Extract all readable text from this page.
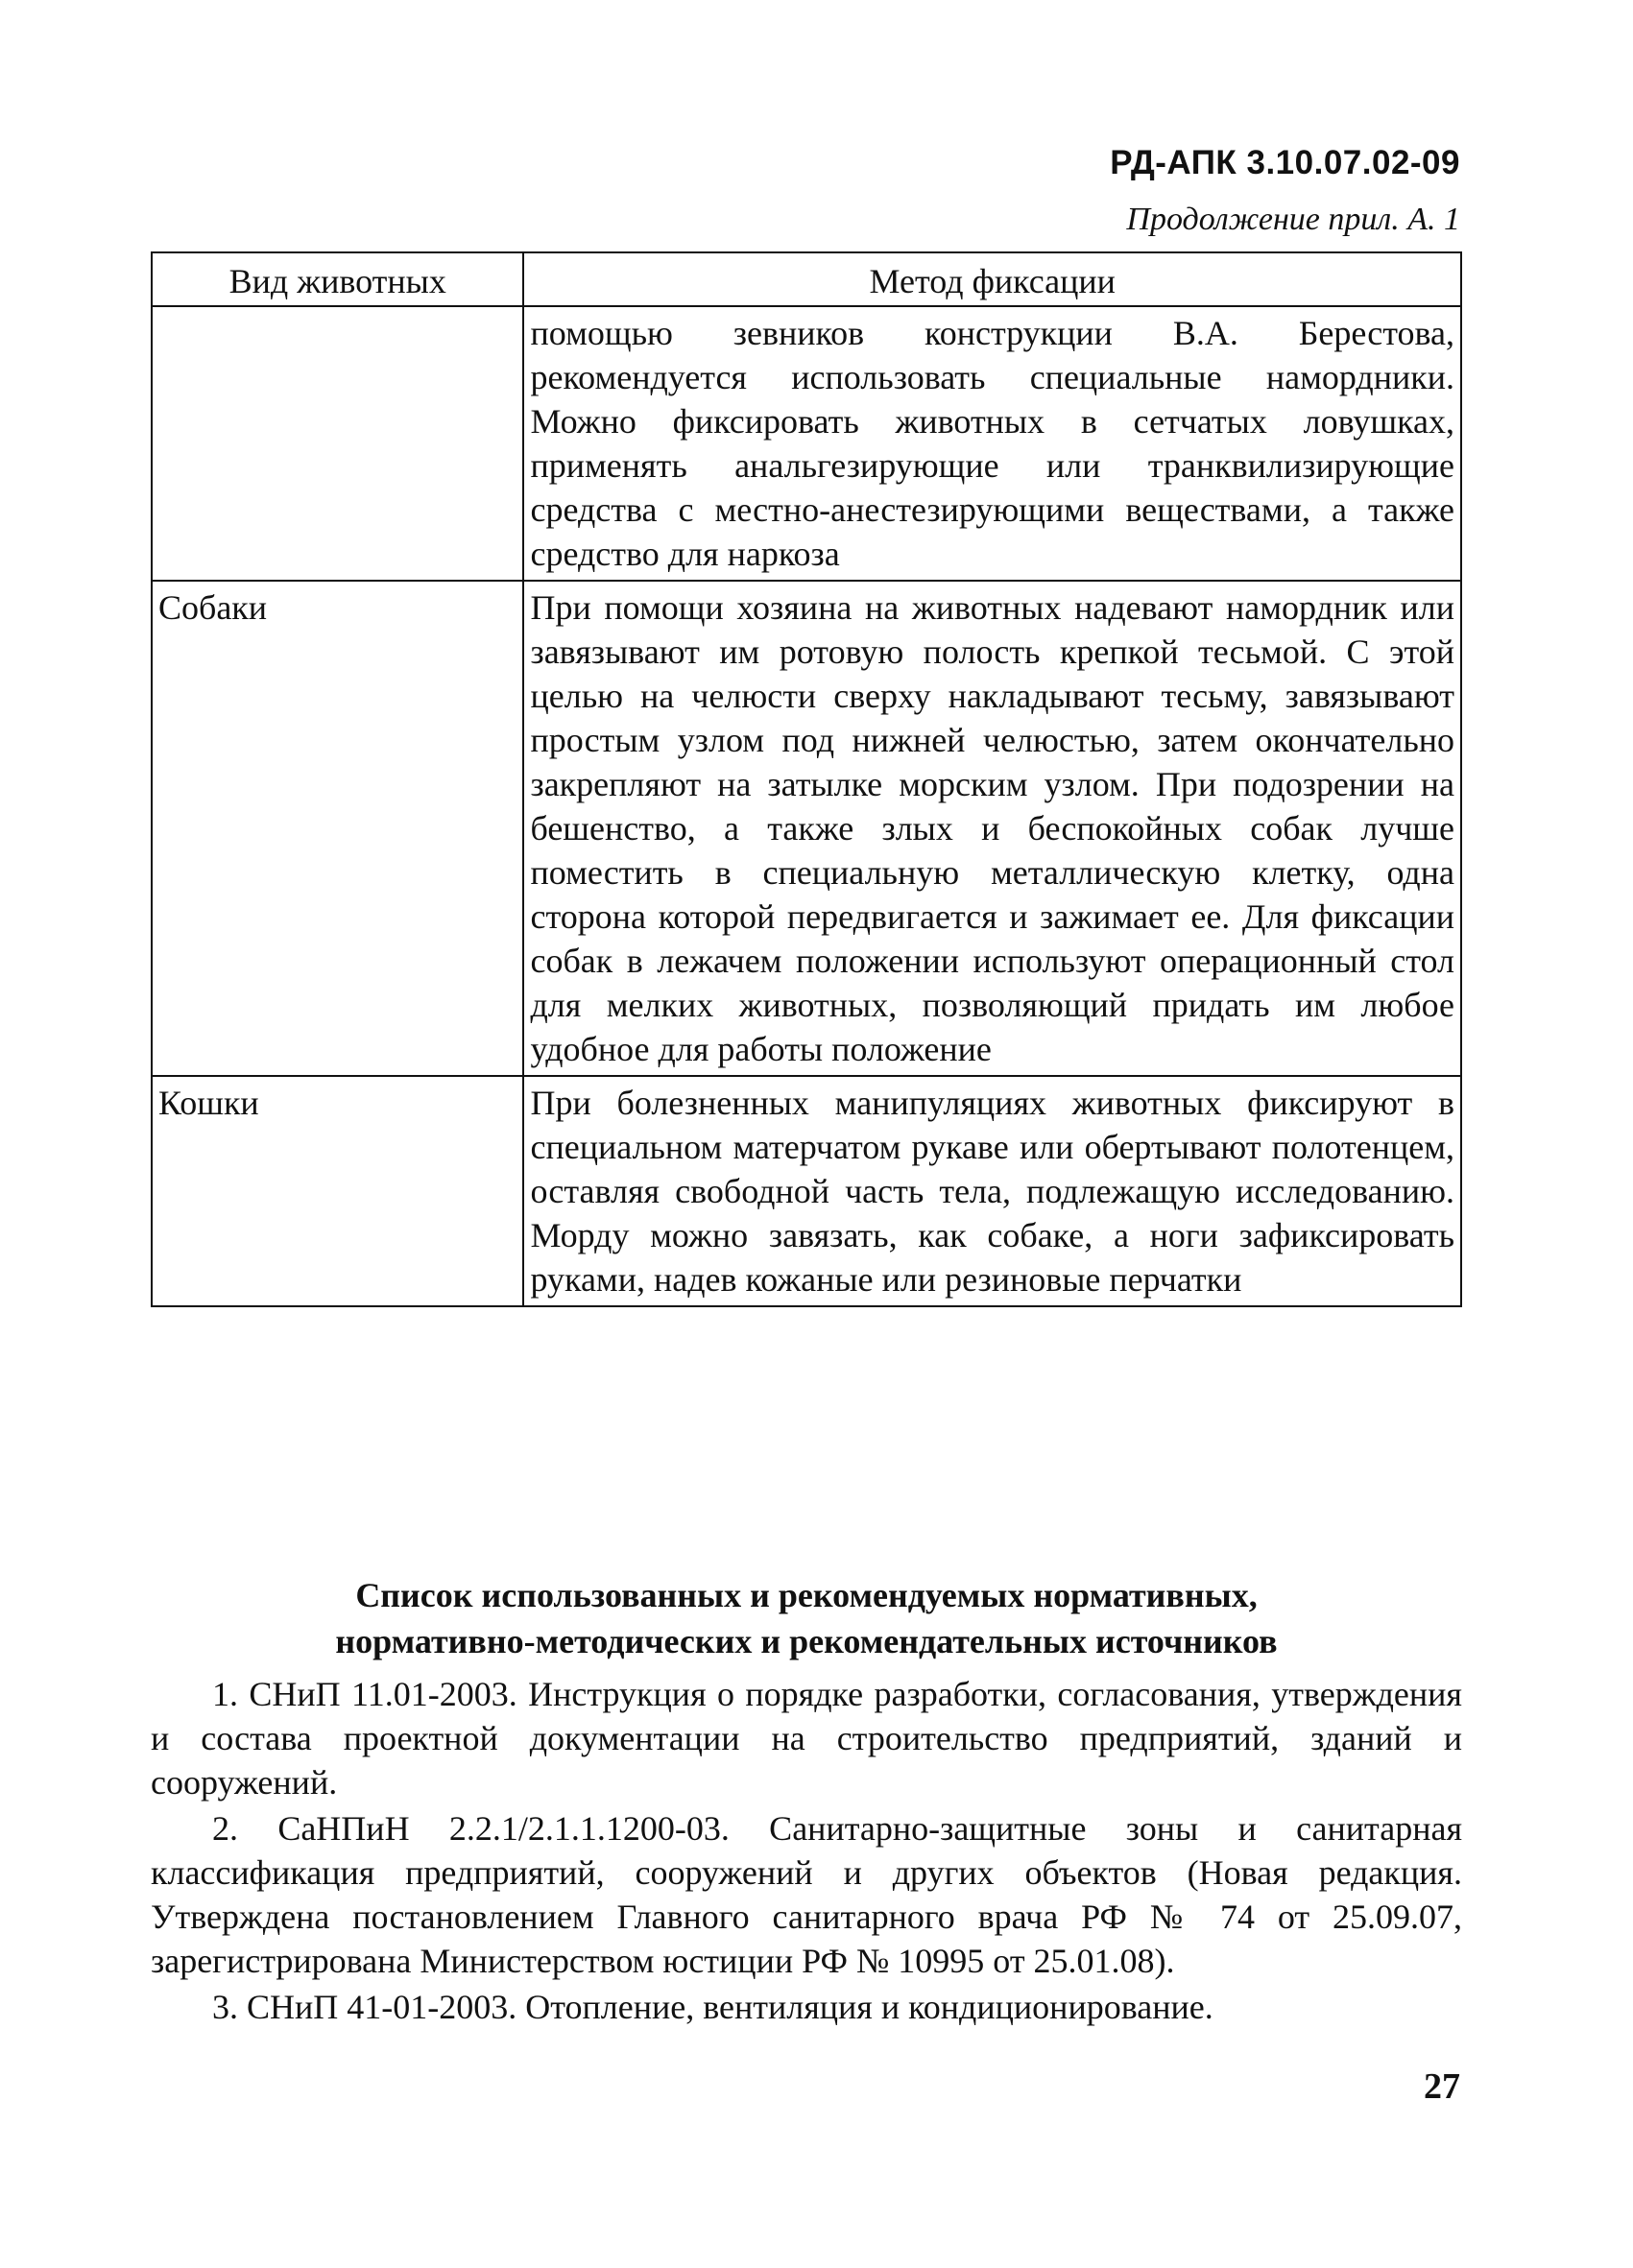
РД-АПК 3.10.07.02-09
Продолжение прил. А. 1
Вид животных	Метод фиксации
	помощью зевников конструкции В.А. Берестова, рекомендуется использовать специальные намордники. Можно фиксировать животных в сетчатых ловушках, применять анальгезирующие или транквилизирующие средства с местно-анестезирующими веществами, а также средство для наркоза
Собаки	При помощи хозяина на животных надевают намордник или завязывают им ротовую полость крепкой тесьмой. С этой целью на челюсти сверху накладывают тесьму, завязывают простым узлом под нижней челюстью, затем окончательно закрепляют на затылке морским узлом. При подозрении на бешенство, а также злых и беспокойных собак лучше поместить в специальную металлическую клетку, одна сторона которой передвигается и зажимает ее. Для фиксации собак в лежачем положении используют операционный стол для мелких животных, позволяющий придать им любое удобное для работы положение
Кошки	При болезненных манипуляциях животных фиксируют в специальном матерчатом рукаве или обертывают полотенцем, оставляя свободной часть тела, подлежащую исследованию. Морду можно завязать, как собаке, а ноги зафиксировать руками, надев кожаные или резиновые перчатки
Список использованных и рекомендуемых нормативных,
нормативно-методических и рекомендательных источников

1. СНиП 11.01-2003. Инструкция о порядке разработки, согласования, утверждения и состава проектной документации на строительство предприятий, зданий и сооружений.

2. СаНПиН 2.2.1/2.1.1.1200-03. Санитарно-защитные зоны и санитарная классификация предприятий, сооружений и других объектов (Новая редакция. Утверждена постановлением Главного санитарного врача РФ № 74 от 25.09.07, зарегистрирована Министерством юстиции РФ № 10995 от 25.01.08).

3. СНиП 41-01-2003. Отопление, вентиляция и кондиционирование.

27
